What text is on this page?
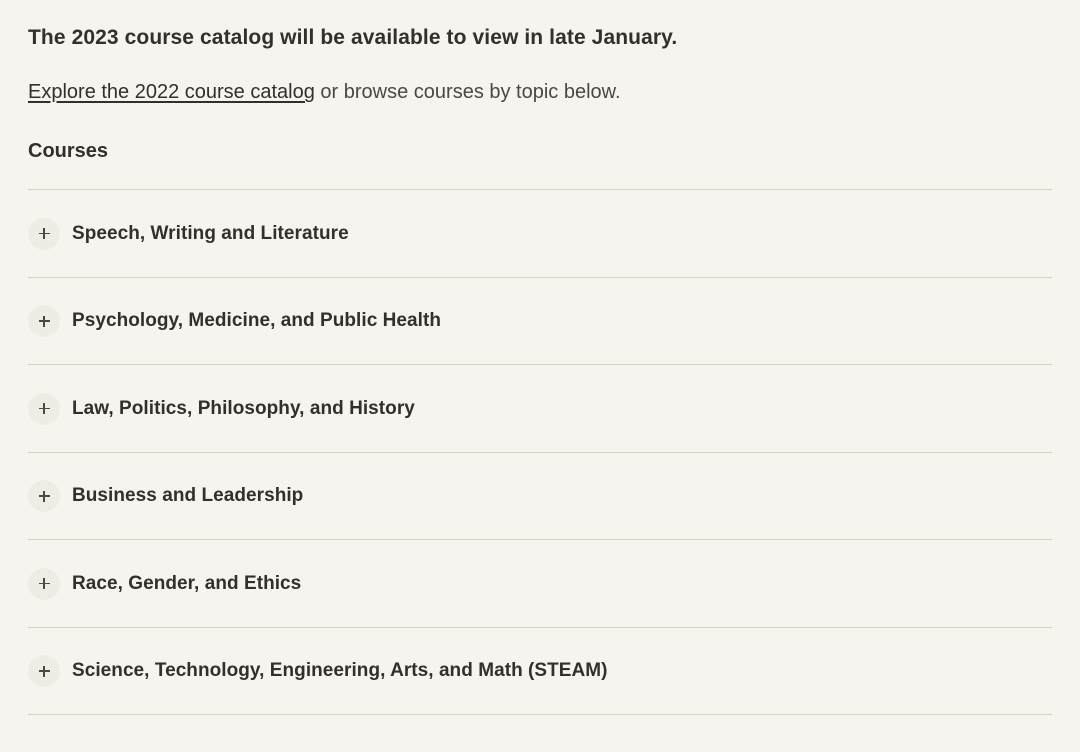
The 2023 course catalog will be available to view in late January.

Explore the 2022 course catalog or browse courses by topic below.

Courses
Speech, Writing and Literature
Psychology, Medicine, and Public Health
Law, Politics, Philosophy, and History
Business and Leadership
Race, Gender, and Ethics
Science, Technology, Engineering, Arts, and Math (STEAM)
